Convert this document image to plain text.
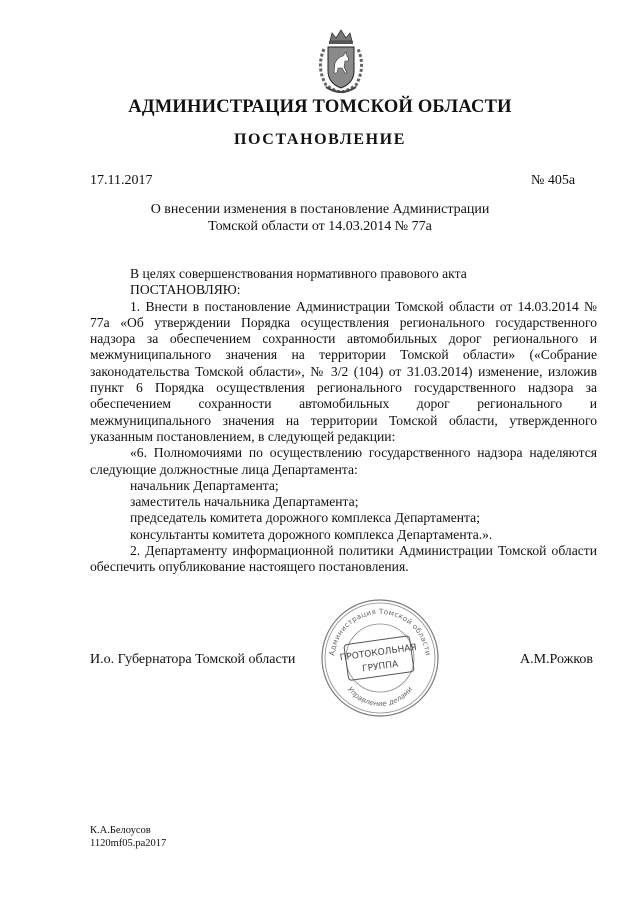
АДМИНИСТРАЦИЯ ТОМСКОЙ ОБЛАСТИ
ПОСТАНОВЛЕНИЕ
17.11.2017	№ 405а
О внесении изменения в постановление Администрации
Томской области от 14.03.2014 № 77а
В целях совершенствования нормативного правового акта
ПОСТАНОВЛЯЮ:
1. Внести в постановление Администрации Томской области от 14.03.2014 № 77а «Об утверждении Порядка осуществления регионального государственного надзора за обеспечением сохранности автомобильных дорог регионального и межмуниципального значения на территории Томской области» («Собрание законодательства Томской области», № 3/2 (104) от 31.03.2014) изменение, изложив пункт 6 Порядка осуществления регионального государственного надзора за обеспечением сохранности автомобильных дорог регионального и межмуниципального значения на территории Томской области, утвержденного указанным постановлением, в следующей редакции:
«6. Полномочиями по осуществлению государственного надзора наделяются следующие должностные лица Департамента:
начальник Департамента;
заместитель начальника Департамента;
председатель комитета дорожного комплекса Департамента;
консультанты комитета дорожного комплекса Департамента.».
2. Департаменту информационной политики Администрации Томской области обеспечить опубликование настоящего постановления.
Администрация Томской области
Управление делами
ПРОТОКОЛЬНАЯ
ГРУППА
И.о. Губернатора Томской области	А.М.Рожков
К.А.Белоусов
1120mf05.pa2017
